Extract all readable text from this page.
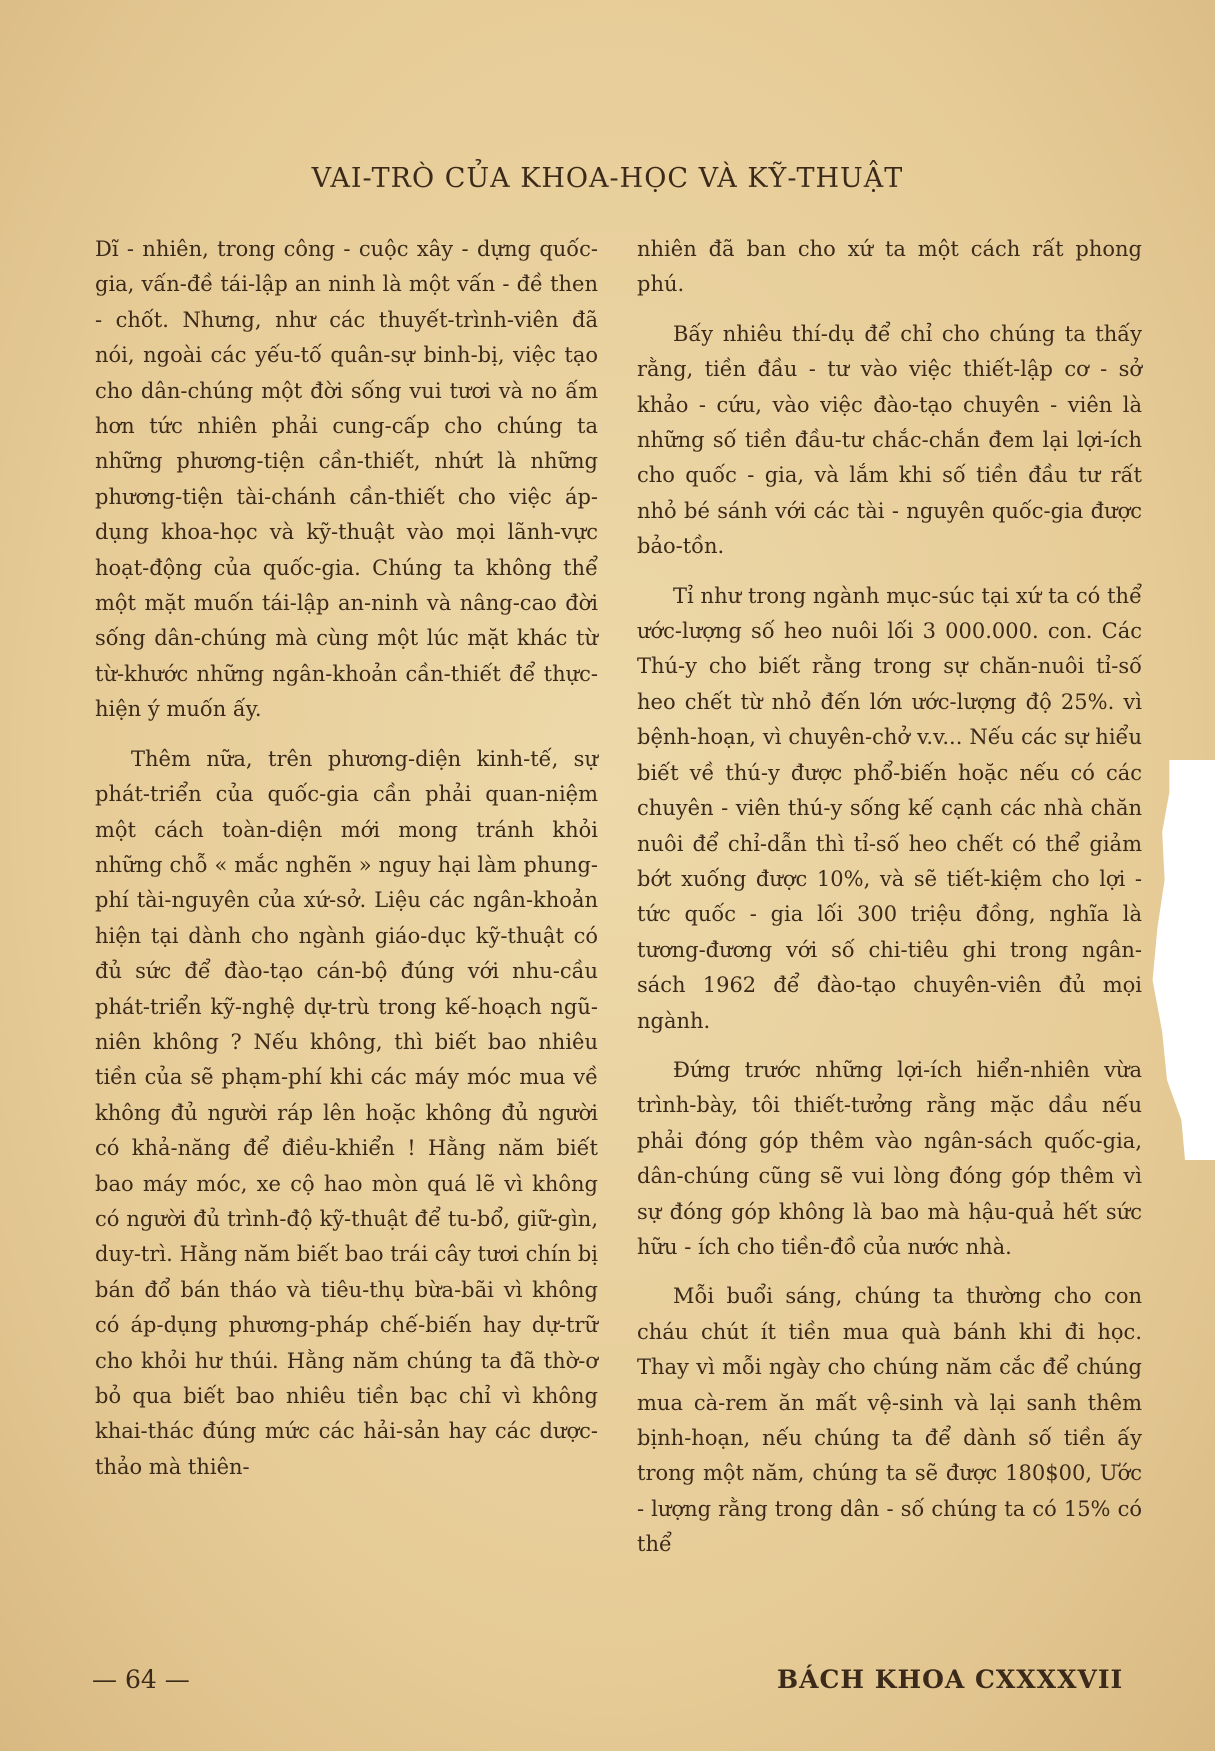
VAI-TRÒ CỦA KHOA-HỌC VÀ KỸ-THUẬT

Dĩ - nhiên, trong công - cuộc xây - dựng quốc-gia, vấn-đề tái-lập an ninh là một vấn - đề then - chốt. Nhưng, như các thuyết-trình-viên đã nói, ngoài các yếu-tố quân-sự binh-bị, việc tạo cho dân-chúng một đời sống vui tươi và no ấm hơn tức nhiên phải cung-cấp cho chúng ta những phương-tiện cần-thiết, nhứt là những phương-tiện tài-chánh cần-thiết cho việc áp-dụng khoa-học và kỹ-thuật vào mọi lãnh-vực hoạt-động của quốc-gia. Chúng ta không thể một mặt muốn tái-lập an-ninh và nâng-cao đời sống dân-chúng mà cùng một lúc mặt khác từ từ-khước những ngân-khoản cần-thiết để thực-hiện ý muốn ấy.

Thêm nữa, trên phương-diện kinh-tế, sự phát-triển của quốc-gia cần phải quan-niệm một cách toàn-diện mới mong tránh khỏi những chỗ « mắc nghẽn » nguy hại làm phung-phí tài-nguyên của xứ-sở. Liệu các ngân-khoản hiện tại dành cho ngành giáo-dục kỹ-thuật có đủ sức để đào-tạo cán-bộ đúng với nhu-cầu phát-triển kỹ-nghệ dự-trù trong kế-hoạch ngũ-niên không ? Nếu không, thì biết bao nhiêu tiền của sẽ phạm-phí khi các máy móc mua về không đủ người ráp lên hoặc không đủ người có khả-năng để điều-khiển ! Hằng năm biết bao máy móc, xe cộ hao mòn quá lẽ vì không có người đủ trình-độ kỹ-thuật để tu-bổ, giữ-gìn, duy-trì. Hằng năm biết bao trái cây tươi chín bị bán đổ bán tháo và tiêu-thụ bừa-bãi vì không có áp-dụng phương-pháp chế-biến hay dự-trữ cho khỏi hư thúi. Hằng năm chúng ta đã thờ-ơ bỏ qua biết bao nhiêu tiền bạc chỉ vì không khai-thác đúng mức các hải-sản hay các dược-thảo mà thiên-

nhiên đã ban cho xứ ta một cách rất phong phú.

Bấy nhiêu thí-dụ để chỉ cho chúng ta thấy rằng, tiền đầu - tư vào việc thiết-lập cơ - sở khảo - cứu, vào việc đào-tạo chuyên - viên là những số tiền đầu-tư chắc-chắn đem lại lợi-ích cho quốc - gia, và lắm khi số tiền đầu tư rất nhỏ bé sánh với các tài - nguyên quốc-gia được bảo-tồn.

Tỉ như trong ngành mục-súc tại xứ ta có thể ước-lượng số heo nuôi lối 3 000.000. con. Các Thú-y cho biết rằng trong sự chăn-nuôi tỉ-số heo chết từ nhỏ đến lớn ước-lượng độ 25%. vì bệnh-hoạn, vì chuyên-chở v.v... Nếu các sự hiểu biết về thú-y được phổ-biến hoặc nếu có các chuyên - viên thú-y sống kế cạnh các nhà chăn nuôi để chỉ-dẫn thì tỉ-số heo chết có thể giảm bớt xuống được 10%, và sẽ tiết-kiệm cho lợi - tức quốc - gia lối 300 triệu đồng, nghĩa là tương-đương với số chi-tiêu ghi trong ngân-sách 1962 để đào-tạo chuyên-viên đủ mọi ngành.

Đứng trước những lợi-ích hiển-nhiên vừa trình-bày, tôi thiết-tưởng rằng mặc dầu nếu phải đóng góp thêm vào ngân-sách quốc-gia, dân-chúng cũng sẽ vui lòng đóng góp thêm vì sự đóng góp không là bao mà hậu-quả hết sức hữu - ích cho tiền-đồ của nước nhà.

Mỗi buổi sáng, chúng ta thường cho con cháu chút ít tiền mua quà bánh khi đi học. Thay vì mỗi ngày cho chúng năm cắc để chúng mua cà-rem ăn mất vệ-sinh và lại sanh thêm bịnh-hoạn, nếu chúng ta để dành số tiền ấy trong một năm, chúng ta sẽ được 180$00, Ước - lượng rằng trong dân - số chúng ta có 15% có thể

— 64 —	BÁCH KHOA CXXXXVII
